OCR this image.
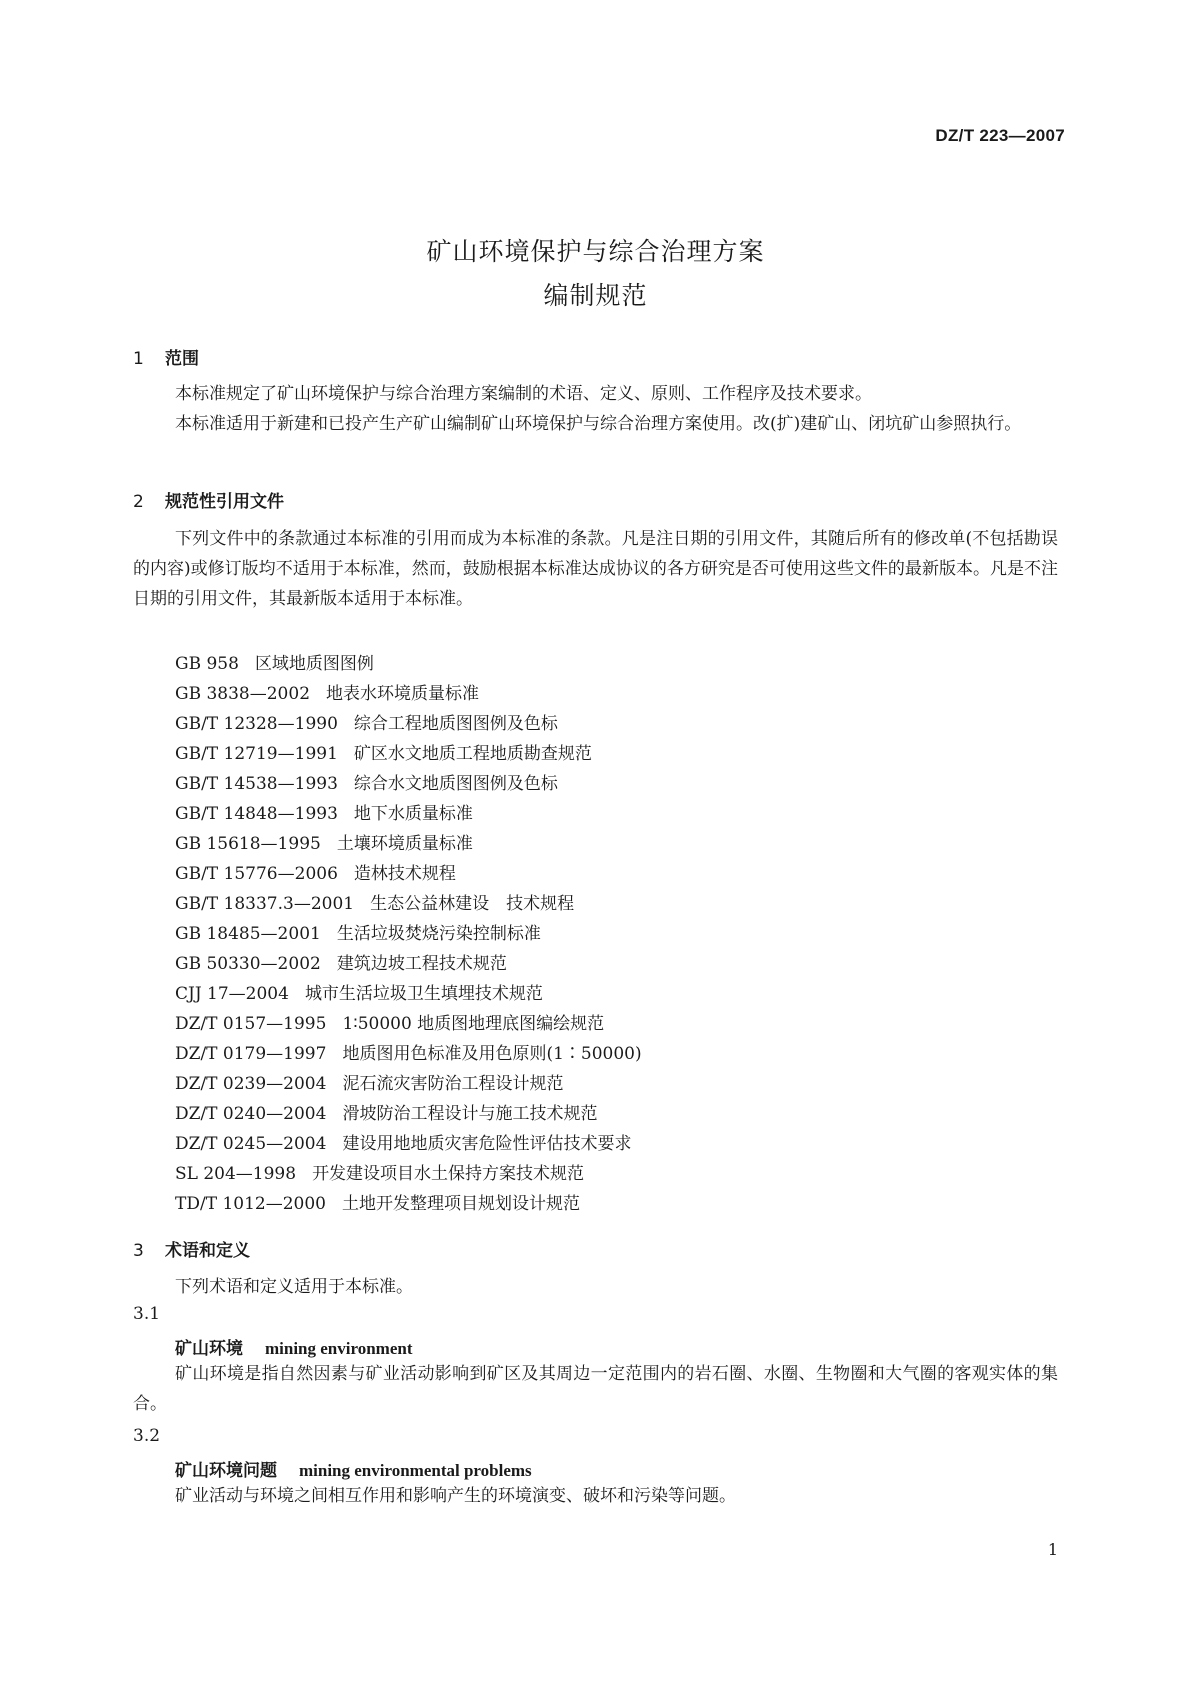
DZ/T 223—2007
矿山环境保护与综合治理方案
编制规范
1 范围

本标准规定了矿山环境保护与综合治理方案编制的术语、定义、原则、工作程序及技术要求。

本标准适用于新建和已投产生产矿山编制矿山环境保护与综合治理方案使用。改(扩)建矿山、闭坑矿山参照执行。

2 规范性引用文件

下列文件中的条款通过本标准的引用而成为本标准的条款。凡是注日期的引用文件，其随后所有的修改单(不包括勘误的内容)或修订版均不适用于本标准，然而，鼓励根据本标准达成协议的各方研究是否可使用这些文件的最新版本。凡是不注日期的引用文件，其最新版本适用于本标准。

GB 958 区域地质图图例
GB 3838—2002 地表水环境质量标准
GB/T 12328—1990 综合工程地质图图例及色标
GB/T 12719—1991 矿区水文地质工程地质勘查规范
GB/T 14538—1993 综合水文地质图图例及色标
GB/T 14848—1993 地下水质量标准
GB 15618—1995 土壤环境质量标准
GB/T 15776—2006 造林技术规程
GB/T 18337.3—2001 生态公益林建设　技术规程
GB 18485—2001 生活垃圾焚烧污染控制标准
GB 50330—2002 建筑边坡工程技术规范
CJJ 17—2004 城市生活垃圾卫生填埋技术规范
DZ/T 0157—1995 1∶50000 地质图地理底图编绘规范
DZ/T 0179—1997 地质图用色标准及用色原则(1∶50000)
DZ/T 0239—2004 泥石流灾害防治工程设计规范
DZ/T 0240—2004 滑坡防治工程设计与施工技术规范
DZ/T 0245—2004 建设用地地质灾害危险性评估技术要求
SL 204—1998 开发建设项目水土保持方案技术规范
TD/T 1012—2000 土地开发整理项目规划设计规范
3 术语和定义

下列术语和定义适用于本标准。

3.1
矿山环境 mining environment

矿山环境是指自然因素与矿业活动影响到矿区及其周边一定范围内的岩石圈、水圈、生物圈和大气圈的客观实体的集合。

3.2
矿山环境问题 mining environmental problems

矿业活动与环境之间相互作用和影响产生的环境演变、破坏和污染等问题。

1
